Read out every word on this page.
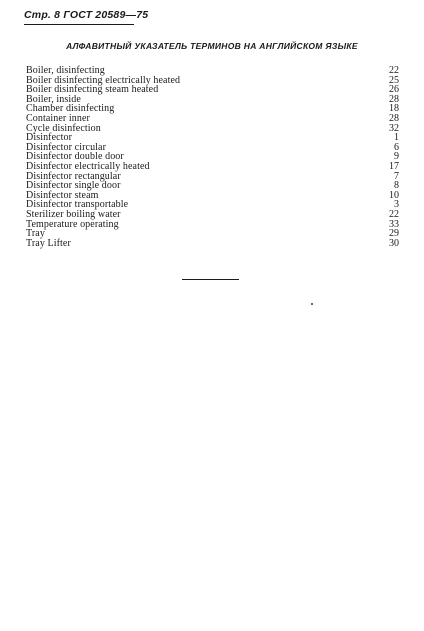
Стр. 8 ГОСТ 20589—75
АЛФАВИТНЫЙ УКАЗАТЕЛЬ ТЕРМИНОВ НА АНГЛИЙСКОМ ЯЗЫКЕ
Boiler, disinfecting	22
Boiler disinfecting electrically heated	25
Boiler disinfecting steam heated	26
Boiler, inside	28
Chamber disinfecting	18
Container inner	28
Cycle disinfection	32
Disinfector	1
Disinfector circular	6
Disinfector double door	9
Disinfector electrically heated	17
Disinfector rectangular	7
Disinfector single door	8
Disinfector steam	10
Disinfector transportable	3
Sterilizer boiling water	22
Temperature operating	33
Tray	29
Tray Lifter	30
